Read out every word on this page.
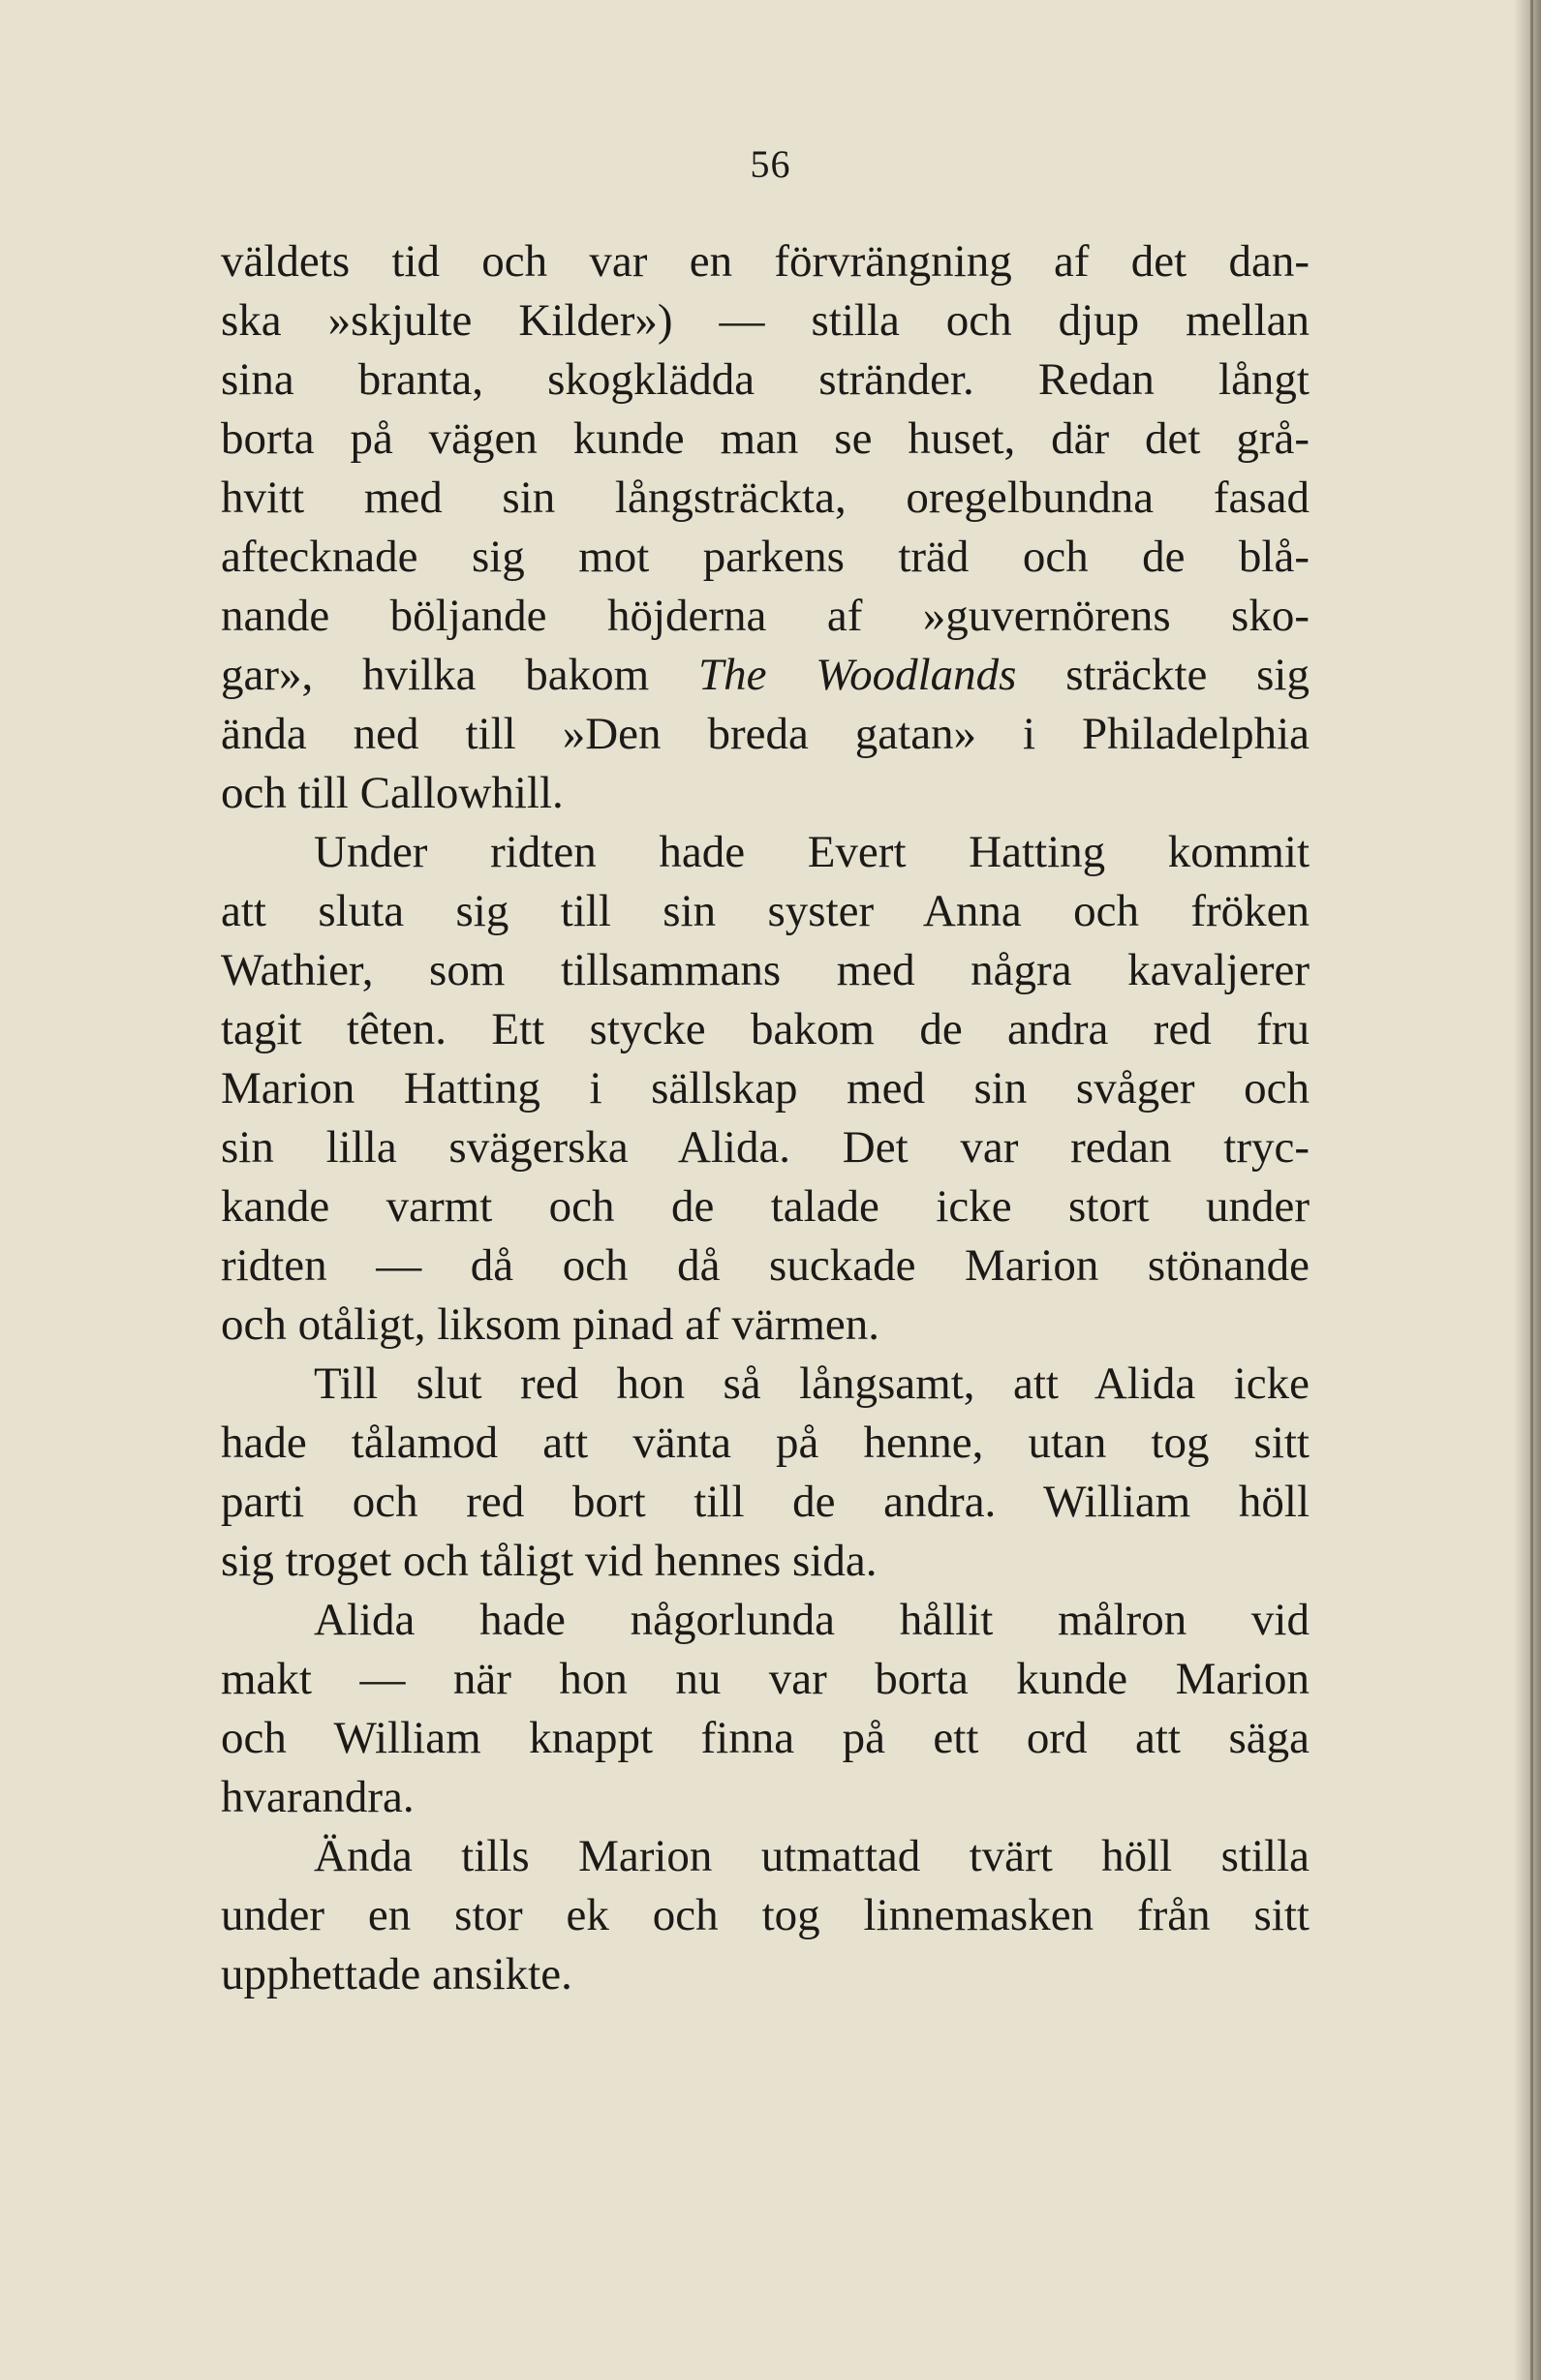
56
väldets tid och var en förvrängning af det dan-
ska »skjulte Kilder») — stilla och djup mellan
sina branta, skogklädda stränder. Redan långt
borta på vägen kunde man se huset, där det grå-
hvitt med sin långsträckta, oregelbundna fasad
aftecknade sig mot parkens träd och de blå-
nande böljande höjderna af »guvernörens sko-
gar», hvilka bakom The Woodlands sträckte sig
ända ned till »Den breda gatan» i Philadelphia
och till Callowhill.
Under ridten hade Evert Hatting kommit
att sluta sig till sin syster Anna och fröken
Wathier, som tillsammans med några kavaljerer
tagit têten. Ett stycke bakom de andra red fru
Marion Hatting i sällskap med sin svåger och
sin lilla svägerska Alida. Det var redan tryc-
kande varmt och de talade icke stort under
ridten — då och då suckade Marion stönande
och otåligt, liksom pinad af värmen.
Till slut red hon så långsamt, att Alida icke
hade tålamod att vänta på henne, utan tog sitt
parti och red bort till de andra. William höll
sig troget och tåligt vid hennes sida.
Alida hade någorlunda hållit målron vid
makt — när hon nu var borta kunde Marion
och William knappt finna på ett ord att säga
hvarandra.
Ända tills Marion utmattad tvärt höll stilla
under en stor ek och tog linnemasken från sitt
upphettade ansikte.
